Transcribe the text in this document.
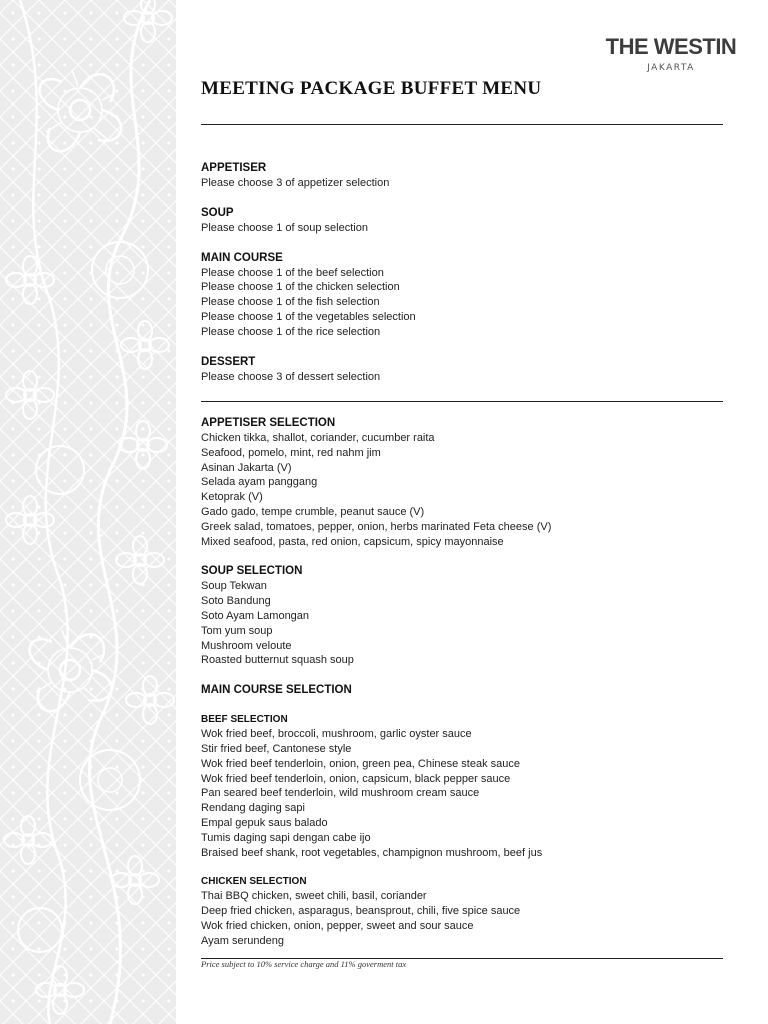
THE WESTIN
JAKARTA
MEETING PACKAGE BUFFET MENU
APPETISER
Please choose 3 of appetizer selection
SOUP
Please choose 1 of soup selection
MAIN COURSE
Please choose 1 of the beef selection
Please choose 1 of the chicken selection
Please choose 1 of the fish selection
Please choose 1 of the vegetables selection
Please choose 1 of the rice selection
DESSERT
Please choose 3 of dessert selection
APPETISER SELECTION
Chicken tikka, shallot, coriander, cucumber raita
Seafood, pomelo, mint, red nahm jim
Asinan Jakarta (V)
Selada ayam panggang
Ketoprak (V)
Gado gado, tempe crumble, peanut sauce (V)
Greek salad, tomatoes, pepper, onion, herbs marinated Feta cheese (V)
Mixed seafood, pasta, red onion, capsicum, spicy mayonnaise
SOUP SELECTION
Soup Tekwan
Soto Bandung
Soto Ayam Lamongan
Tom yum soup
Mushroom veloute
Roasted butternut squash soup
MAIN COURSE SELECTION
BEEF SELECTION
Wok fried beef, broccoli, mushroom, garlic oyster sauce
Stir fried beef, Cantonese style
Wok fried beef tenderloin, onion, green pea, Chinese steak sauce
Wok fried beef tenderloin, onion, capsicum, black pepper sauce
Pan seared beef tenderloin, wild mushroom cream sauce
Rendang daging sapi
Empal gepuk saus balado
Tumis daging sapi dengan cabe ijo
Braised beef shank, root vegetables, champignon mushroom, beef jus
CHICKEN SELECTION
Thai BBQ chicken, sweet chili, basil, coriander
Deep fried chicken, asparagus, beansprout, chili, five spice sauce
Wok fried chicken, onion, pepper, sweet and sour sauce
Ayam serundeng
Price subject to 10% service charge and 11% goverment tax
